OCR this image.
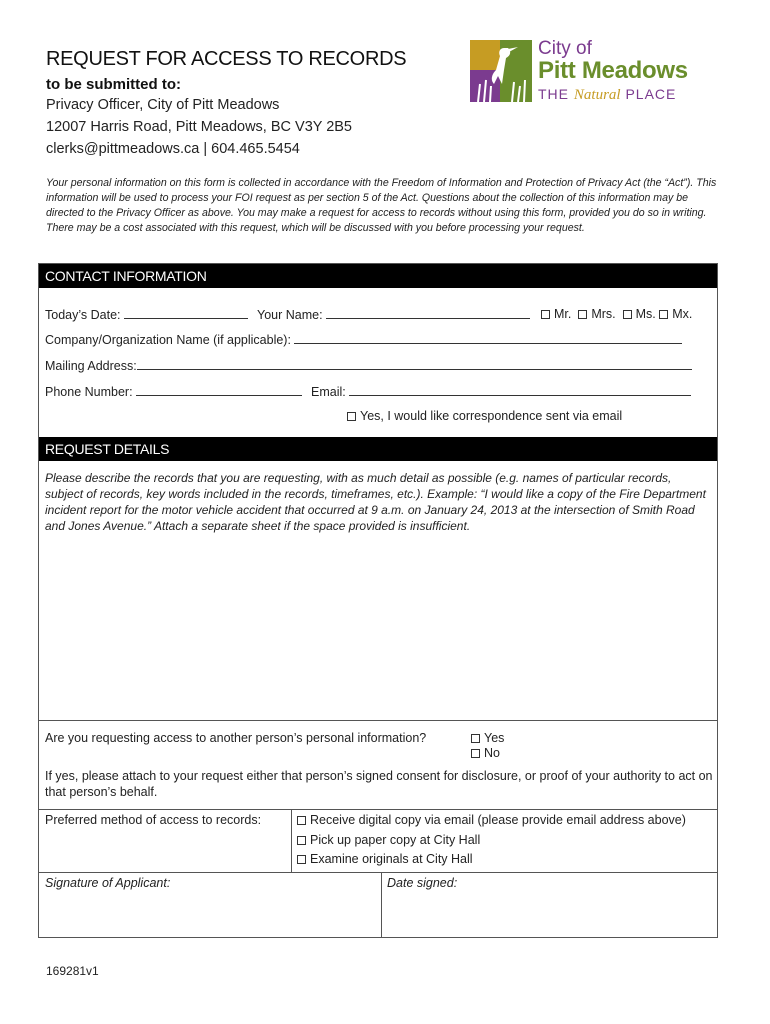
REQUEST FOR ACCESS TO RECORDS
to be submitted to:
Privacy Officer, City of Pitt Meadows
12007 Harris Road, Pitt Meadows, BC V3Y 2B5
clerks@pittmeadows.ca | 604.465.5454
City of
Pitt Meadows
THE Natural PLACE
Your personal information on this form is collected in accordance with the Freedom of Information and Protection of Privacy Act (the “Act”). This information will be used to process your FOI request as per section 5 of the Act. Questions about the collection of this information may be directed to the Privacy Officer as above. You may make a request for access to records without using this form, provided you do so in writing. There may be a cost associated with this request, which will be discussed with you before processing your request.
CONTACT INFORMATION
Today’s Date:	Your Name:	Mr. Mrs. Ms. Mx.
Company/Organization Name (if applicable):
Mailing Address:
Phone Number:	Email:
Yes, I would like correspondence sent via email
REQUEST DETAILS
Please describe the records that you are requesting, with as much detail as possible (e.g. names of particular records, subject of records, key words included in the records, timeframes, etc.). Example: “I would like a copy of the Fire Department incident report for the motor vehicle accident that occurred at 9 a.m. on January 24, 2013 at the intersection of Smith Road and Jones Avenue.” Attach a separate sheet if the space provided is insufficient.
Are you requesting access to another person’s personal information?	Yes
No
If yes, please attach to your request either that person’s signed consent for disclosure, or proof of your authority to act on that person’s behalf.
Preferred method of access to records:	Receive digital copy via email (please provide email address above)
Pick up paper copy at City Hall
Examine originals at City Hall
Signature of Applicant:	Date signed:
169281v1
